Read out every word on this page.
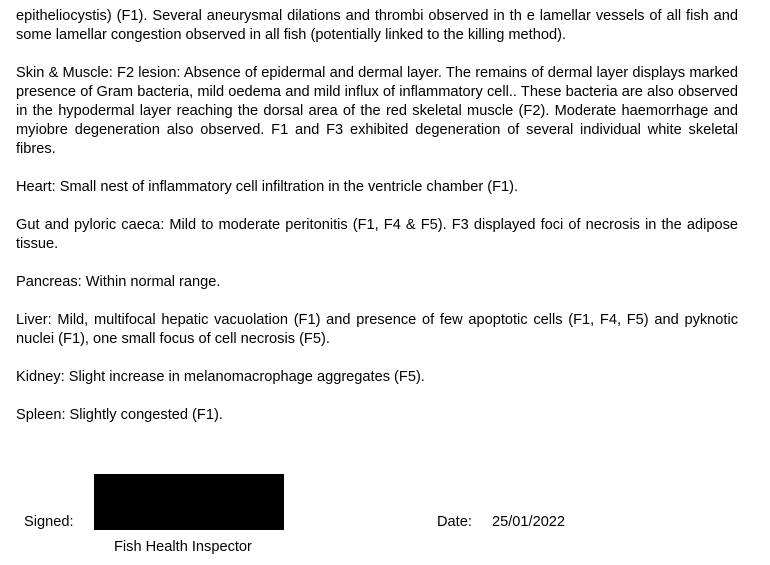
epitheliocystis) (F1). Several aneurysmal dilations and thrombi observed in th e lamellar vessels of all fish and some lamellar congestion observed in all fish (potentially linked to the killing method).

Skin & Muscle: F2 lesion: Absence of epidermal and dermal layer. The remains of dermal layer displays marked presence of Gram bacteria, mild oedema and mild influx of inflammatory cell.. These bacteria are also observed in the hypodermal layer reaching the dorsal area of the red skeletal muscle (F2). Moderate haemorrhage and myiobre degeneration also observed. F1 and F3 exhibited degeneration of several individual white skeletal fibres.

Heart: Small nest of inflammatory cell infiltration in the ventricle chamber (F1).

Gut and pyloric caeca: Mild to moderate peritonitis (F1, F4 & F5). F3 displayed foci of necrosis in the adipose tissue.

Pancreas: Within normal range.

Liver: Mild, multifocal hepatic vacuolation (F1) and presence of few apoptotic cells (F1, F4, F5) and pyknotic nuclei (F1), one small focus of cell necrosis (F5).

Kidney: Slight increase in melanomacrophage aggregates (F5).

Spleen: Slightly congested (F1).

Signed:
Fish Health Inspector
Date: 25/01/2022
